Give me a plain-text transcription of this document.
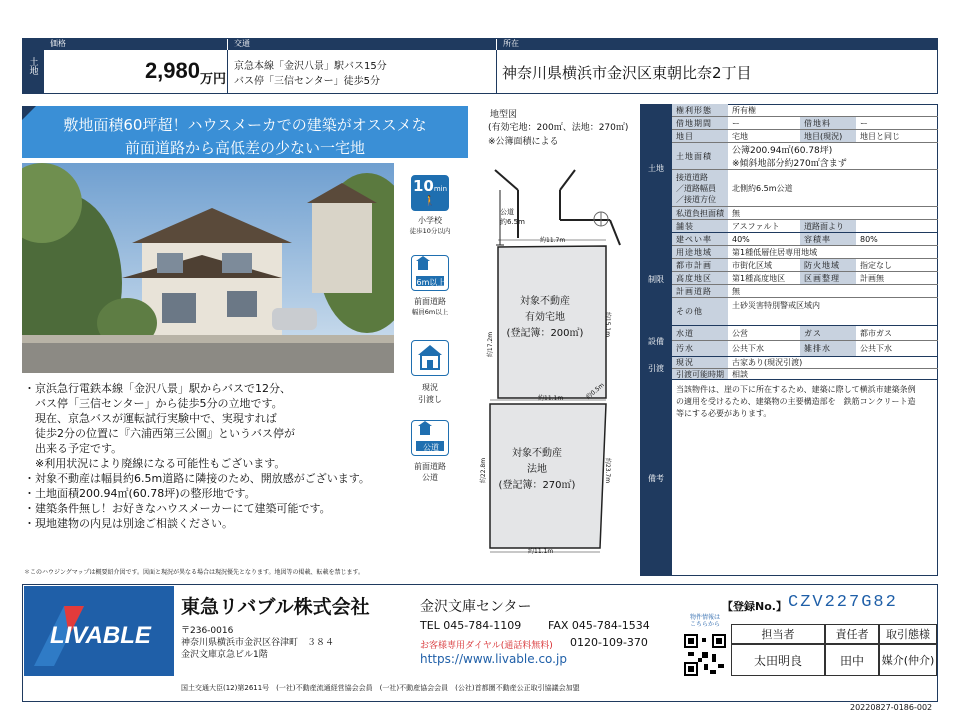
土地
価格	交通	所在
2,980 万円
京急本線「金沢八景」駅バス15分
バス停「三信センター」徒歩5分	神奈川県横浜市金沢区東朝比奈2丁目
敷地面積60坪超！ハウスメーカでの建築がオススメな
前面道路から高低差の少ない一宅地
10min
🚶
小学校
徒歩10分以内
6m以上
前面道路
幅員6m以上
現況
引渡し
公道
前面道路
公道
地型図
(有効宅地：200㎡、法地：270㎡)
※公簿面積による
公道
約6.5m
約11.7m
約11.1m
約11.1m
約17.2m
約22.8m
約15.1m
約23.7m
約0.5m
対象不動産
有効宅地
(登記簿：200㎡)
対象不動産
法地
(登記簿：270㎡)
・京浜急行電鉄本線「金沢八景」駅からバスで12分、
　バス停「三信センター」から徒歩5分の立地です。
　現在、京急バスが運転試行実験中で、実現すれば
　徒歩2分の位置に『六浦西第三公園』というバス停が
　出来る予定です。
　※利用状況により廃線になる可能性もございます。
・対象不動産は幅員約6.5m道路に隣接のため、開放感がございます。
・土地面積200.94㎡(60.78坪)の整形地です。
・建築条件無し！お好きなハウスメーカーにて建築可能です。
・現地建物の内見は別途ご相談ください。
＊このハウジングマップは概要紹介図です。図面と現況が異なる場合は現況優先となります。地図等の掲載、転載を禁じます。
土地
制限
設備
引渡
備考
権利形態	所有権
借地期間	ー	借地料	ー
地目	宅地	地目(現況)	地目と同じ
土地面積	公簿200.94㎡(60.78坪)
※傾斜地部分約270㎡含まず
接道道路
／道路幅員
／接道方位
北側約6.5m公道
私道負担面積	無
舗装	アスファルト	道路面より
建ぺい率	40%	容積率	80%
用途地域	第1種低層住居専用地域
都市計画	市街化区域	防火地域	指定なし
高度地区	第1種高度地区	区画整理	計画無
計画道路	無
その他
土砂災害特別警戒区域内
水道	公営	ガス	都市ガス
汚水	公共下水	雑排水	公共下水
現況	古家あり(現況引渡)
引渡可能時期	相談
当該物件は、崖の下に所在するため、建築に際して横浜市建築条例
の適用を受けるため、建築物の主要構造部を　鉄筋コンクリート造
等にする必要があります。
LIVABLE
東急リバブル株式会社	金沢文庫センター
〒236-0016
神奈川県横浜市金沢区谷津町　３８４
金沢文庫京急ビル1階
TEL 045-784-1109 FAX 045-784-1534
お客様専用ダイヤル(通話料無料) 0120-109-370
https://www.livable.co.jp
国土交通大臣(12)第2611号　(一社)不動産流通経営協会会員　(一社)不動産協会会員　(公社)首都圏不動産公正取引協議会加盟
【登録No.】 CZV227G82
物件情報は
こちらから
担当者	責任者	取引態様
太田明良	田中	媒介(仲介)
20220827-0186-002
